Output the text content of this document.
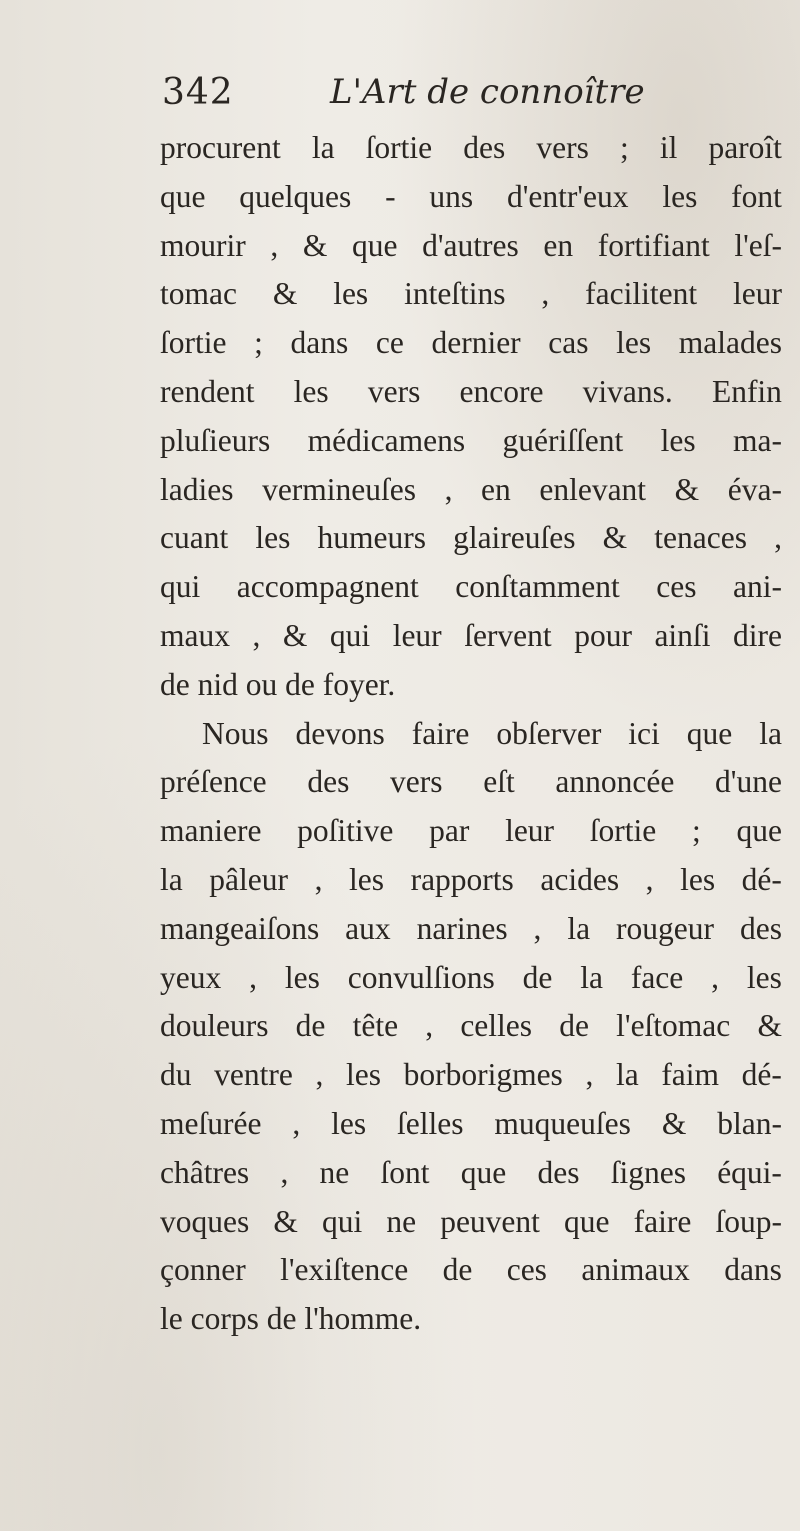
342	L'Art de connoître
procurent la ſortie des vers ; il paroît
que quelques - uns d'entr'eux les font
mourir , & que d'autres en fortifiant l'eſ-
tomac & les inteſtins , facilitent leur
ſortie ; dans ce dernier cas les malades
rendent les vers encore vivans. Enfin
pluſieurs médicamens guériſſent les ma-
ladies vermineuſes , en enlevant & éva-
cuant les humeurs glaireuſes & tenaces ,
qui accompagnent conſtamment ces ani-
maux , & qui leur ſervent pour ainſi dire
de nid ou de foyer.
Nous devons faire obſerver ici que la
préſence des vers eſt annoncée d'une
maniere poſitive par leur ſortie ; que
la pâleur , les rapports acides , les dé-
mangeaiſons aux narines , la rougeur des
yeux , les convulſions de la face , les
douleurs de tête , celles de l'eſtomac &
du ventre , les borborigmes , la faim dé-
meſurée , les ſelles muqueuſes & blan-
châtres , ne ſont que des ſignes équi-
voques & qui ne peuvent que faire ſoup-
çonner l'exiſtence de ces animaux dans
le corps de l'homme.
